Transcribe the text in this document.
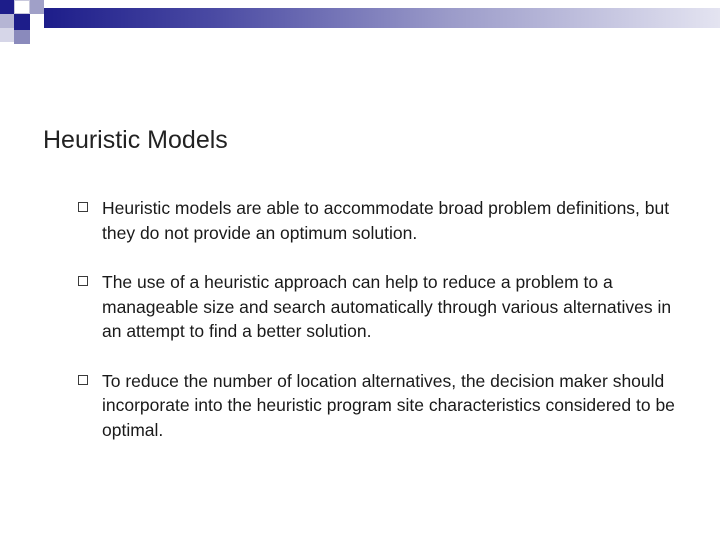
Heuristic Models
Heuristic models are able to accommodate broad problem definitions, but they do not provide an optimum solution.
The use of a heuristic approach can help to reduce a problem to a manageable size and search automatically through various alternatives in an attempt to find a better solution.
To reduce the number of location alternatives, the decision maker should incorporate into the heuristic program site characteristics considered to be optimal.
